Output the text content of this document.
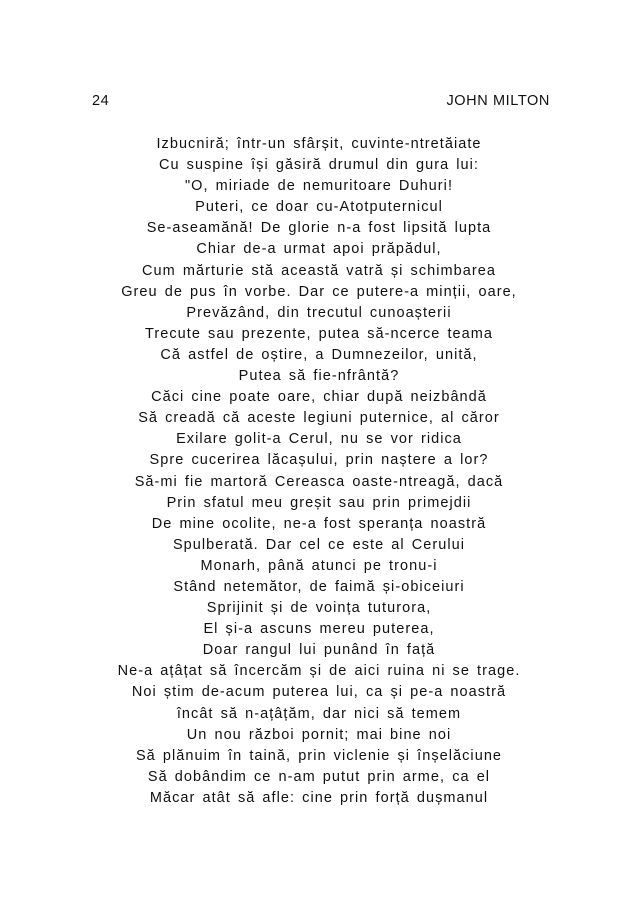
24	JOHN MILTON
Izbucniră; într-un sfârșit, cuvinte-ntretăiate
Cu suspine își găsiră drumul din gura lui:
"O, miriade de nemuritoare Duhuri!
Puteri, ce doar cu-Atotputernicul
Se-aseamănă! De glorie n-a fost lipsită lupta
Chiar de-a urmat apoi prăpădul,
Cum mărturie stă această vatră și schimbarea
Greu de pus în vorbe. Dar ce putere-a minții, oare,
Prevăzând, din trecutul cunoașterii
Trecute sau prezente, putea să-ncerce teama
Că astfel de oștire, a Dumnezeilor, unită,
Putea să fie-nfrântă?
Căci cine poate oare, chiar după neizbândă
Să creadă că aceste legiuni puternice, al căror
Exilare golit-a Cerul, nu se vor ridica
Spre cucerirea lăcașului, prin naștere a lor?
Să-mi fie martoră Cereasca oaste-ntreagă, dacă
Prin sfatul meu greșit sau prin primejdii
De mine ocolite, ne-a fost speranța noastră
Spulberată. Dar cel ce este al Cerului
Monarh, până atunci pe tronu-i
Stând netemător, de faimă și-obiceiuri
Sprijinit și de voința tuturora,
El și-a ascuns mereu puterea,
Doar rangul lui punând în față
Ne-a ațâțat să încercăm și de aici ruina ni se trage.
Noi știm de-acum puterea lui, ca și pe-a noastră
încât să n-ațâțăm, dar nici să temem
Un nou război pornit; mai bine noi
Să plănuim în taină, prin viclenie și înșelăciune
Să dobândim ce n-am putut prin arme, ca el
Măcar atât să afle: cine prin forță dușmanul
